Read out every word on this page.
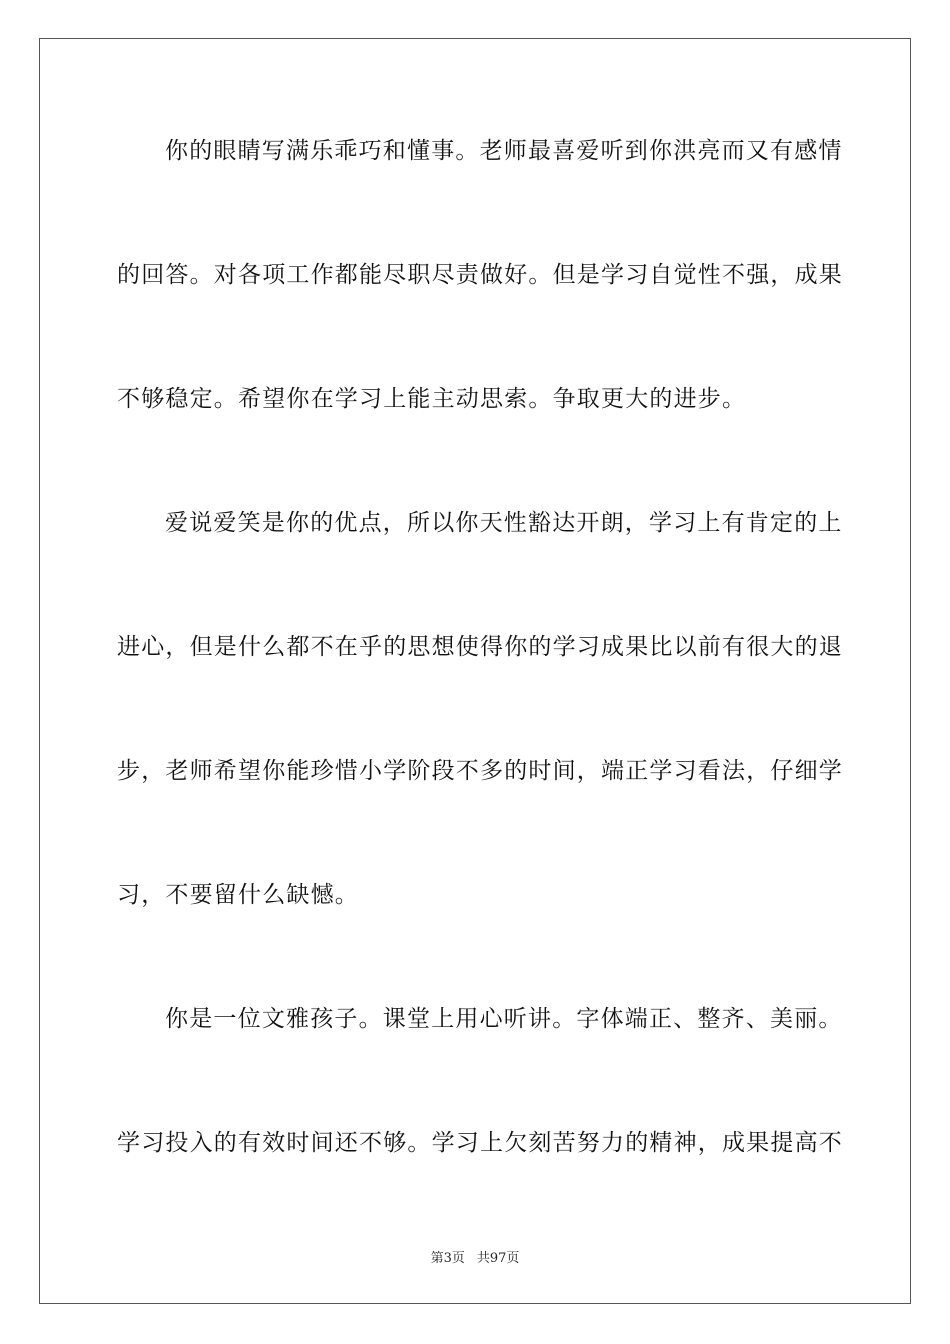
你的眼睛写满乐乖巧和懂事。老师最喜爱听到你洪亮而又有感情
的回答。对各项工作都能尽职尽责做好。但是学习自觉性不强，成果
不够稳定。希望你在学习上能主动思索。争取更大的进步。
爱说爱笑是你的优点，所以你天性豁达开朗，学习上有肯定的上
进心，但是什么都不在乎的思想使得你的学习成果比以前有很大的退
步，老师希望你能珍惜小学阶段不多的时间，端正学习看法，仔细学
习，不要留什么缺憾。
你是一位文雅孩子。课堂上用心听讲。字体端正、整齐、美丽。
学习投入的有效时间还不够。学习上欠刻苦努力的精神，成果提高不
第3页 共97页
